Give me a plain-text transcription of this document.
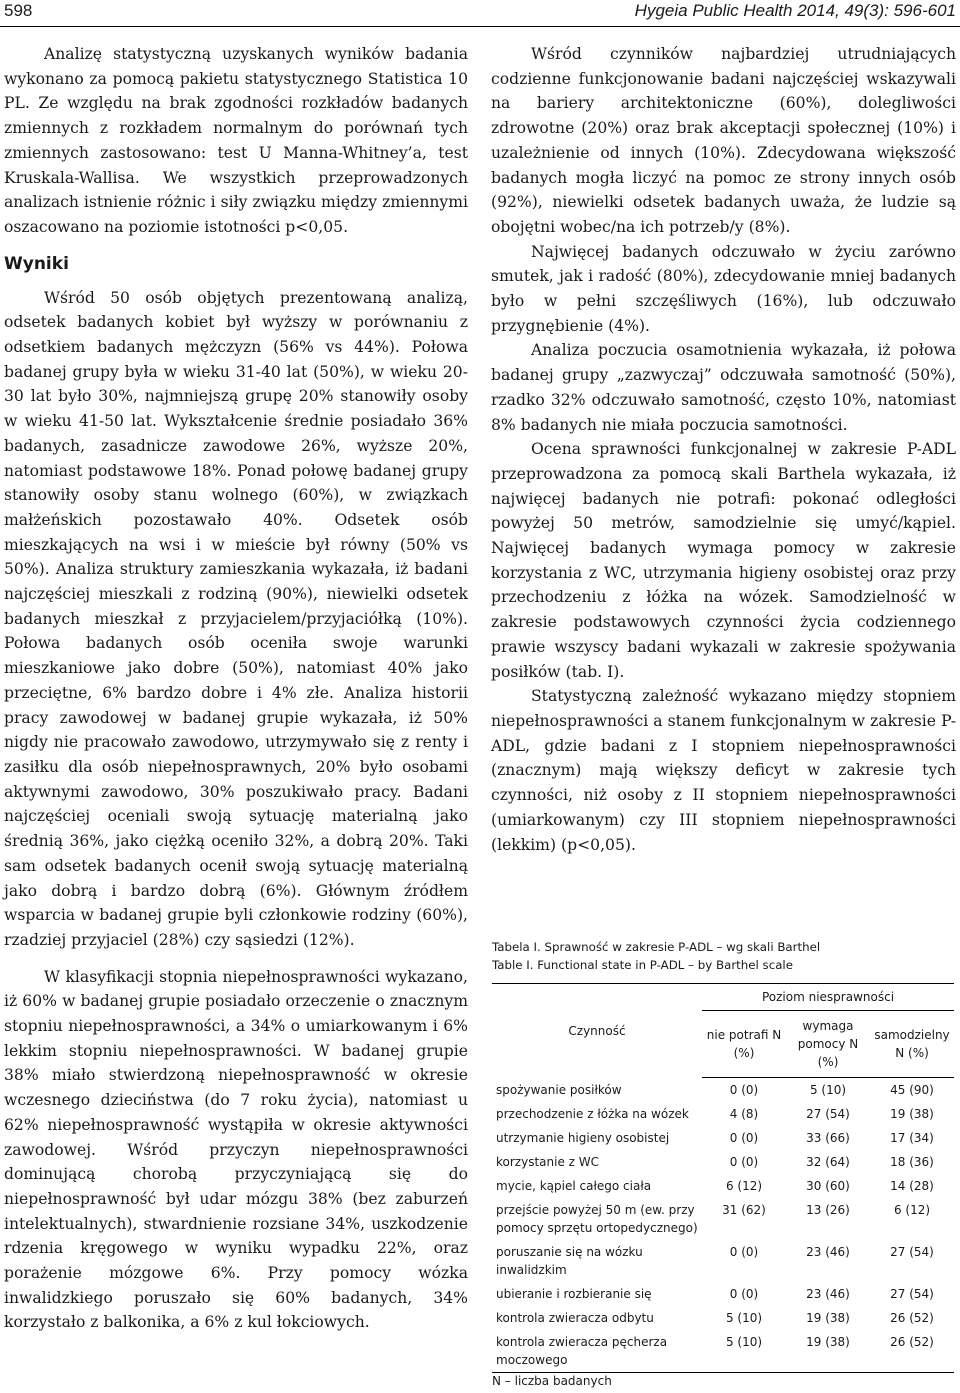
598	Hygeia Public Health 2014, 49(3): 596-601

Analizę statystyczną uzyskanych wyników badania wykonano za pomocą pakietu statystycznego Statistica 10 PL. Ze względu na brak zgodności rozkładów badanych zmiennych z rozkładem normalnym do porównań tych zmiennych zastosowano: test U Manna-Whitney’a, test Kruskala-Wallisa. We wszystkich przeprowadzonych analizach istnienie różnic i siły związku między zmiennymi oszacowano na poziomie istotności p<0,05.

Wyniki

Wśród 50 osób objętych prezentowaną analizą, odsetek badanych kobiet był wyższy w porównaniu z odsetkiem badanych mężczyzn (56% vs 44%). Połowa badanej grupy była w wieku 31-40 lat (50%), w wieku 20-30 lat było 30%, najmniejszą grupę 20% stanowiły osoby w wieku 41-50 lat. Wykształcenie średnie posiadało 36% badanych, zasadnicze zawodowe 26%, wyższe 20%, natomiast podstawowe 18%. Ponad połowę badanej grupy stanowiły osoby stanu wolnego (60%), w związkach małżeńskich pozostawało 40%. Odsetek osób mieszkających na wsi i w mieście był równy (50% vs 50%). Analiza struktury zamieszkania wykazała, iż badani najczęściej mieszkali z rodziną (90%), niewielki odsetek badanych mieszkał z przyjacielem/przyjaciółką (10%). Połowa badanych osób oceniła swoje warunki mieszkaniowe jako dobre (50%), natomiast 40% jako przeciętne, 6% bardzo dobre i 4% złe. Analiza historii pracy zawodowej w badanej grupie wykazała, iż 50% nigdy nie pracowało zawodowo, utrzymywało się z renty i zasiłku dla osób niepełnosprawnych, 20% było osobami aktywnymi zawodowo, 30% poszukiwało pracy. Badani najczęściej oceniali swoją sytuację materialną jako średnią 36%, jako ciężką oceniło 32%, a dobrą 20%. Taki sam odsetek badanych ocenił swoją sytuację materialną jako dobrą i bardzo dobrą (6%). Głównym źródłem wsparcia w badanej grupie byli członkowie rodziny (60%), rzadziej przyjaciel (28%) czy sąsiedzi (12%).

W klasyfikacji stopnia niepełnosprawności wykazano, iż 60% w badanej grupie posiadało orzeczenie o znacznym stopniu niepełnosprawności, a 34% o umiarkowanym i 6% lekkim stopniu niepełnosprawności. W badanej grupie 38% miało stwierdzoną niepełnosprawność w okresie wczesnego dzieciństwa (do 7 roku życia), natomiast u 62% niepełnosprawność wystąpiła w okresie aktywności zawodowej. Wśród przyczyn niepełnosprawności dominującą chorobą przyczyniającą się do niepełnosprawność był udar mózgu 38% (bez zaburzeń intelektualnych), stwardnienie rozsiane 34%, uszkodzenie rdzenia kręgowego w wyniku wypadku 22%, oraz porażenie mózgowe 6%. Przy pomocy wózka inwalidzkiego poruszało się 60% badanych, 34% korzystało z balkonika, a 6% z kul łokciowych.

Wśród czynników najbardziej utrudniających codzienne funkcjonowanie badani najczęściej wskazywali na bariery architektoniczne (60%), dolegliwości zdrowotne (20%) oraz brak akceptacji społecznej (10%) i uzależnienie od innych (10%). Zdecydowana większość badanych mogła liczyć na pomoc ze strony innych osób (92%), niewielki odsetek badanych uważa, że ludzie są obojętni wobec/na ich potrzeb/y (8%).

Najwięcej badanych odczuwało w życiu zarówno smutek, jak i radość (80%), zdecydowanie mniej badanych było w pełni szczęśliwych (16%), lub odczuwało przygnębienie (4%).

Analiza poczucia osamotnienia wykazała, iż połowa badanej grupy „zazwyczaj” odczuwała samotność (50%), rzadko 32% odczuwało samotność, często 10%, natomiast 8% badanych nie miała poczucia samotności.

Ocena sprawności funkcjonalnej w zakresie P-ADL przeprowadzona za pomocą skali Barthela wykazała, iż najwięcej badanych nie potrafi: pokonać odległości powyżej 50 metrów, samodzielnie się umyć/kąpiel. Najwięcej badanych wymaga pomocy w zakresie korzystania z WC, utrzymania higieny osobistej oraz przy przechodzeniu z łóżka na wózek. Samodzielność w zakresie podstawowych czynności życia codziennego prawie wszyscy badani wykazali w zakresie spożywania posiłków (tab. I).

Statystyczną zależność wykazano między stopniem niepełnosprawności a stanem funkcjonalnym w zakresie P-ADL, gdzie badani z I stopniem niepełnosprawności (znacznym) mają większy deficyt w zakresie tych czynności, niż osoby z II stopniem niepełnosprawności (umiarkowanym) czy III stopniem niepełnosprawności (lekkim) (p<0,05).

Tabela I. Sprawność w zakresie P-ADL – wg skali Barthel
Table I. Functional state in P-ADL – by Barthel scale
Czynność	Poziom niesprawności		
	nie potrafi N (%)	wymaga pomocy N (%)	samodzielny N (%)
spożywanie posiłków	0 (0)	5 (10)	45 (90)
przechodzenie z łóżka na wózek	4 (8)	27 (54)	19 (38)
utrzymanie higieny osobistej	0 (0)	33 (66)	17 (34)
korzystanie z WC	0 (0)	32 (64)	18 (36)
mycie, kąpiel całego ciała	6 (12)	30 (60)	14 (28)
przejście powyżej 50 m (ew. przy pomocy sprzętu ortopedycznego)	31 (62)	13 (26)	6 (12)
poruszanie się na wózku inwalidzkim	0 (0)	23 (46)	27 (54)
ubieranie i rozbieranie się	0 (0)	23 (46)	27 (54)
kontrola zwieracza odbytu	5 (10)	19 (38)	26 (52)
kontrola zwieracza pęcherza moczowego	5 (10)	19 (38)	26 (52)
N – liczba badanych
